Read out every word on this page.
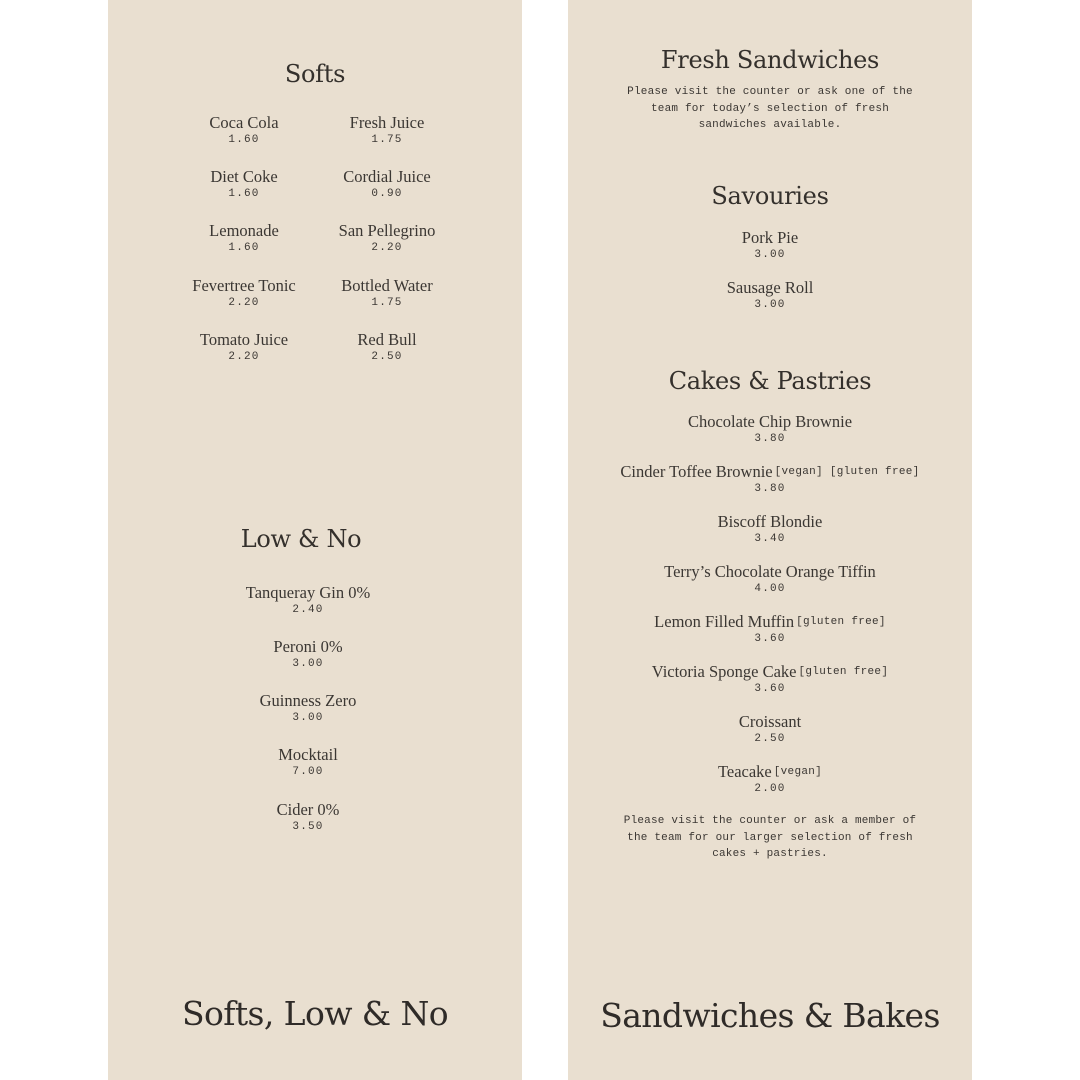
Softs
Coca Cola
1.60
Fresh Juice
1.75
Diet Coke
1.60
Cordial Juice
0.90
Lemonade
1.60
San Pellegrino
2.20
Fevertree Tonic
2.20
Bottled Water
1.75
Tomato Juice
2.20
Red Bull
2.50
Low & No
Tanqueray Gin 0%
2.40
Peroni 0%
3.00
Guinness Zero
3.00
Mocktail
7.00
Cider 0%
3.50
Softs, Low & No
Fresh Sandwiches
Please visit the counter or ask one of the
team for today’s selection of fresh
sandwiches available.
Savouries
Pork Pie
3.00
Sausage Roll
3.00
Cakes & Pastries
Chocolate Chip Brownie
3.80
Cinder Toffee Brownie [vegan] [gluten free]
3.80
Biscoff Blondie
3.40
Terry’s Chocolate Orange Tiffin
4.00
Lemon Filled Muffin [gluten free]
3.60
Victoria Sponge Cake [gluten free]
3.60
Croissant
2.50
Teacake [vegan]
2.00
Please visit the counter or ask a member of
the team for our larger selection of fresh
cakes + pastries.
Sandwiches & Bakes
